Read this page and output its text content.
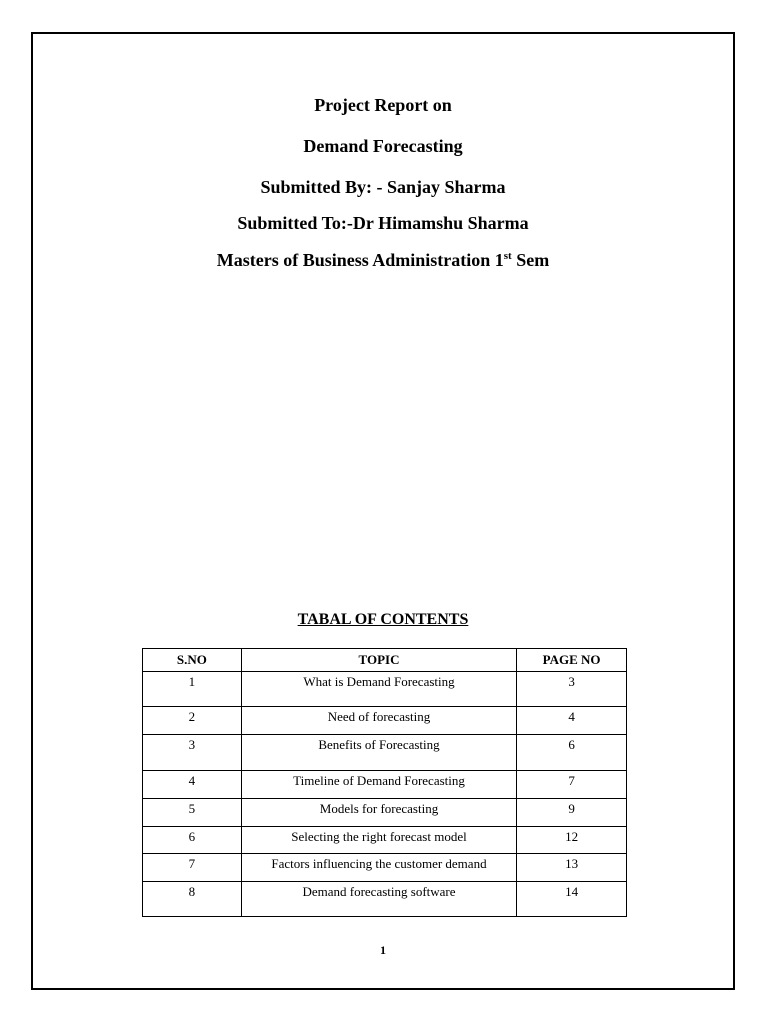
Project Report on
Demand Forecasting
Submitted By: - Sanjay Sharma
Submitted To:-Dr Himamshu Sharma
Masters of Business Administration 1st Sem
TABAL OF CONTENTS
S.NO	TOPIC	PAGE NO
1	What is Demand Forecasting	3
2	Need of forecasting	4
3	Benefits of Forecasting	6
4	Timeline of Demand Forecasting	7
5	Models for forecasting	9
6	Selecting the right forecast model	12
7	Factors influencing the customer demand	13
8	Demand forecasting software	14
1
